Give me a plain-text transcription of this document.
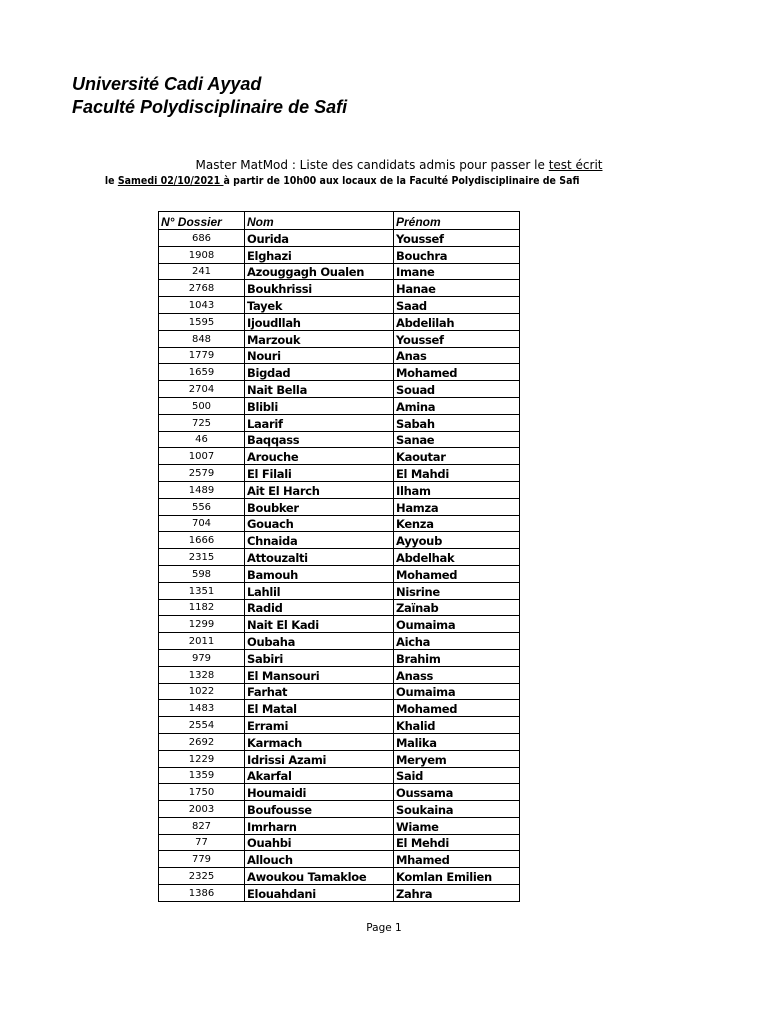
Université Cadi Ayyad
Faculté Polydisciplinaire de Safi
Master MatMod : Liste des candidats admis pour passer le test écrit
le Samedi 02/10/2021 à partir de 10h00 aux locaux de la Faculté Polydisciplinaire de Safi
N° Dossier	Nom	Prénom
686	Ourida	Youssef
1908	Elghazi	Bouchra
241	Azouggagh Oualen	Imane
2768	Boukhrissi	Hanae
1043	Tayek	Saad
1595	Ijoudllah	Abdelilah
848	Marzouk	Youssef
1779	Nouri	Anas
1659	Bigdad	Mohamed
2704	Nait Bella	Souad
500	Blibli	Amina
725	Laarif	Sabah
46	Baqqass	Sanae
1007	Arouche	Kaoutar
2579	El Filali	El Mahdi
1489	Ait El Harch	Ilham
556	Boubker	Hamza
704	Gouach	Kenza
1666	Chnaida	Ayyoub
2315	Attouzalti	Abdelhak
598	Bamouh	Mohamed
1351	Lahlil	Nisrine
1182	Radid	Zaïnab
1299	Nait El Kadi	Oumaima
2011	Oubaha	Aicha
979	Sabiri	Brahim
1328	El Mansouri	Anass
1022	Farhat	Oumaima
1483	El Matal	Mohamed
2554	Errami	Khalid
2692	Karmach	Malika
1229	Idrissi Azami	Meryem
1359	Akarfal	Said
1750	Houmaidi	Oussama
2003	Boufousse	Soukaina
827	Imrharn	Wiame
77	Ouahbi	El Mehdi
779	Allouch	Mhamed
2325	Awoukou Tamakloe	Komlan Emilien
1386	Elouahdani	Zahra
Page 1
